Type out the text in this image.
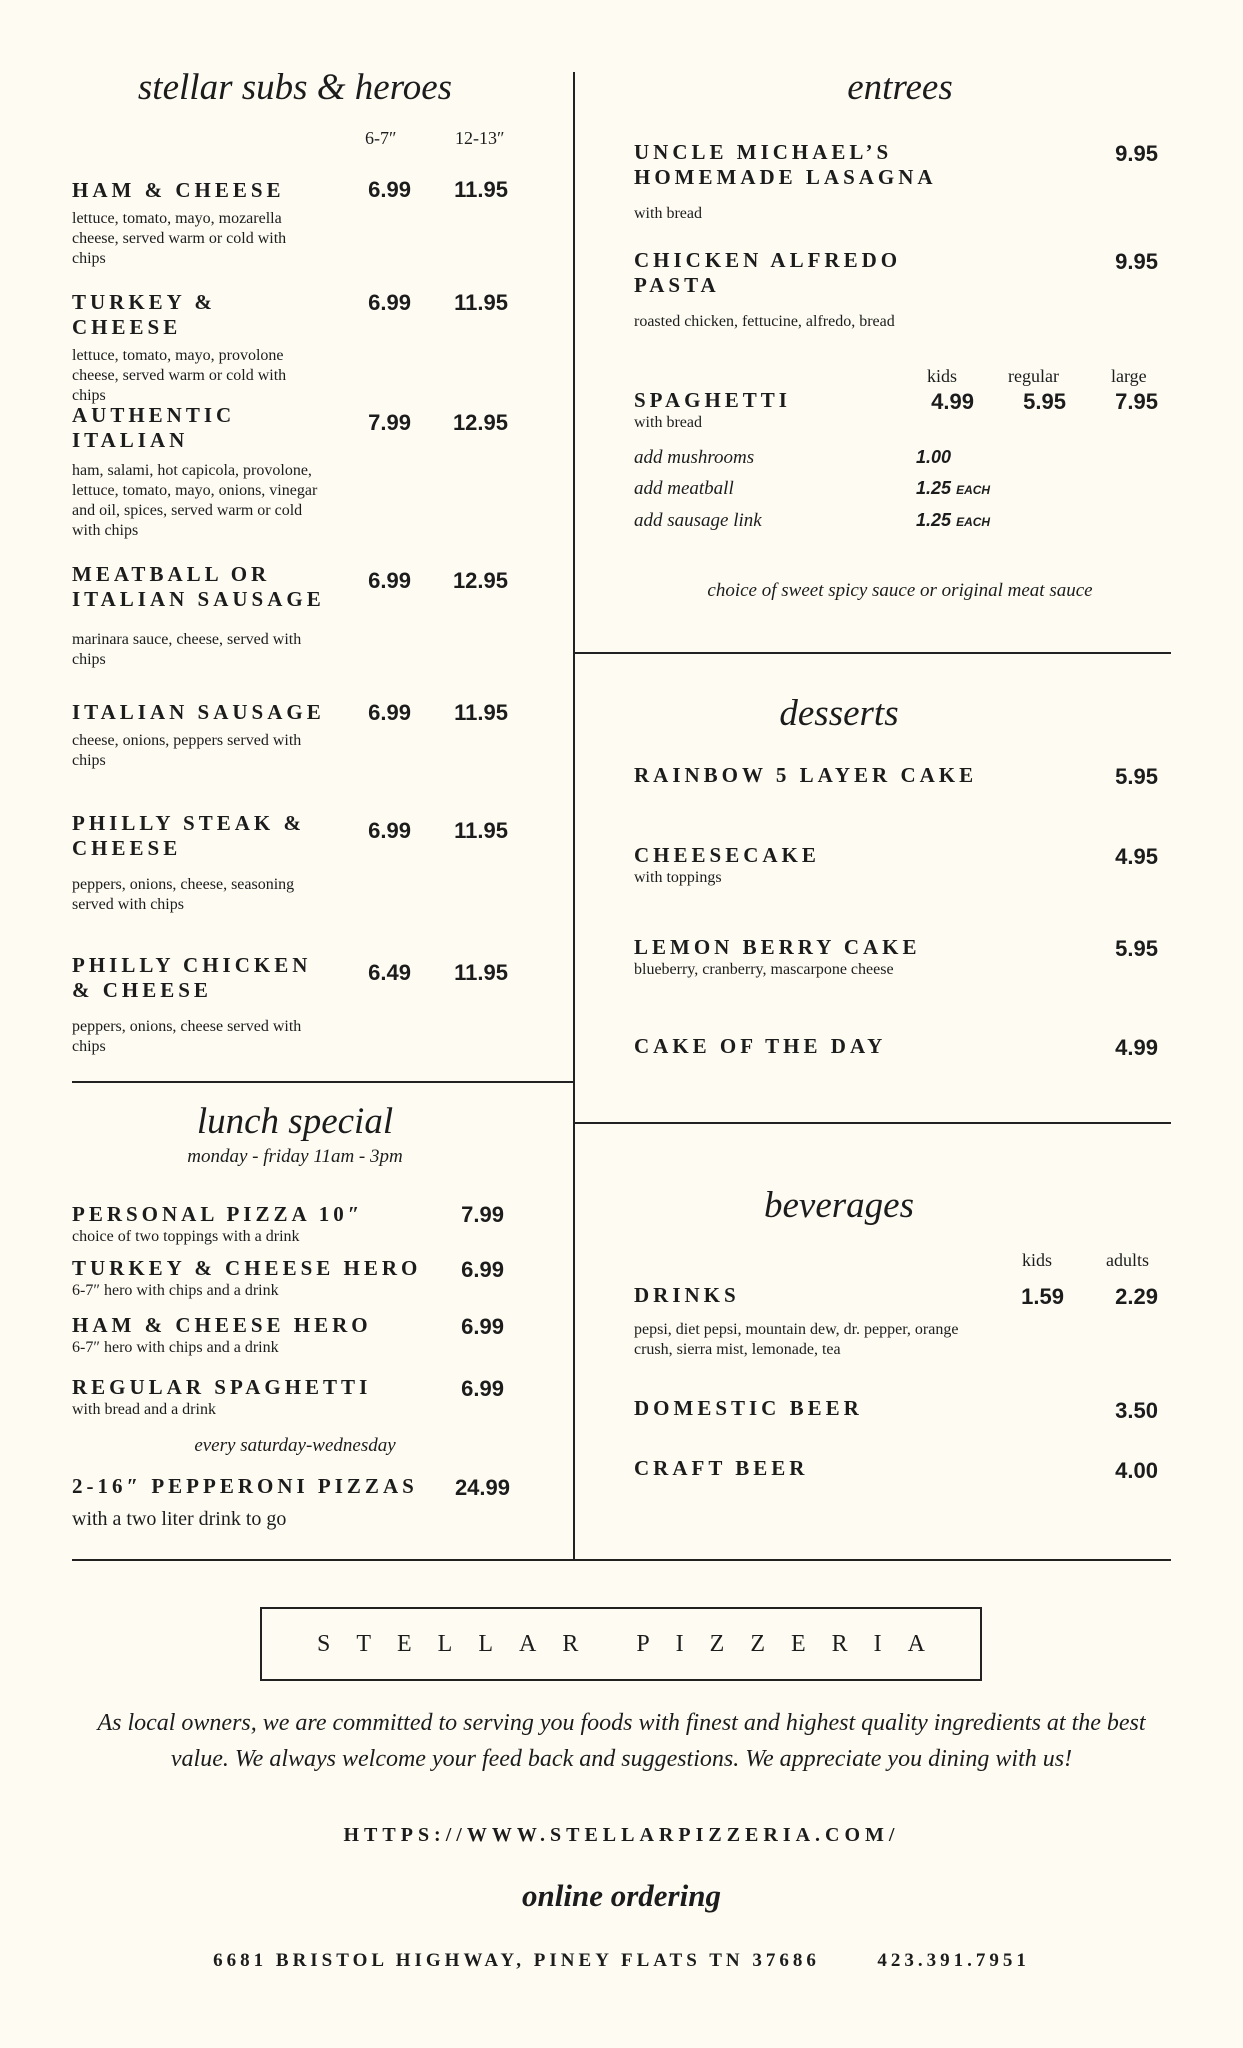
stellar subs & heroes
6-7″	12-13″
HAM & CHEESE
lettuce, tomato, mayo, mozarella cheese, served warm or cold with chips
6.99 11.95
TURKEY & CHEESE
lettuce, tomato, mayo, provolone cheese, served warm or cold with chips
6.99 11.95
AUTHENTIC ITALIAN
ham, salami, hot capicola, provolone, lettuce, tomato, mayo, onions, vinegar and oil, spices, served warm or cold with chips
7.99 12.95
MEATBALL OR ITALIAN SAUSAGE
marinara sauce, cheese, served with chips
6.99 12.95
ITALIAN SAUSAGE
cheese, onions, peppers served with chips
6.99 11.95
PHILLY STEAK & CHEESE
peppers, onions, cheese, seasoning served with chips
6.99 11.95
PHILLY CHICKEN & CHEESE
peppers, onions, cheese served with chips
6.49 11.95
lunch special
monday - friday 11am - 3pm
PERSONAL PIZZA 10″
choice of two toppings with a drink
7.99
TURKEY & CHEESE HERO
6-7″ hero with chips and a drink
6.99
HAM & CHEESE HERO
6-7″ hero with chips and a drink
6.99
REGULAR SPAGHETTI
with bread and a drink
6.99
every saturday-wednesday
2-16″ PEPPERONI PIZZAS
with a two liter drink to go
24.99
entrees
UNCLE MICHAEL’S HOMEMADE LASAGNA
with bread
9.95
CHICKEN ALFREDO PASTA
roasted chicken, fettucine, alfredo, bread
9.95
kids	regular	large
SPAGHETTI
with bread
4.99	5.95	7.95
add mushrooms	1.00
add meatball	1.25 EACH
add sausage link	1.25 EACH
choice of sweet spicy sauce or original meat sauce
desserts
RAINBOW 5 LAYER CAKE	5.95
CHEESECAKE
with toppings
4.95
LEMON BERRY CAKE
blueberry, cranberry, mascarpone cheese
5.95
CAKE OF THE DAY	4.99
beverages
kids	adults
DRINKS
pepsi, diet pepsi, mountain dew, dr. pepper, orange crush, sierra mist, lemonade, tea
1.59	2.29
DOMESTIC BEER	3.50
CRAFT BEER	4.00
STELLAR PIZZERIA
As local owners, we are committed to serving you foods with finest and highest quality ingredients at the best value. We always welcome your feed back and suggestions. We appreciate you dining with us!
HTTPS://WWW.STELLARPIZZERIA.COM/
online ordering
6681 BRISTOL HIGHWAY, PINEY FLATS TN 37686	423.391.7951
